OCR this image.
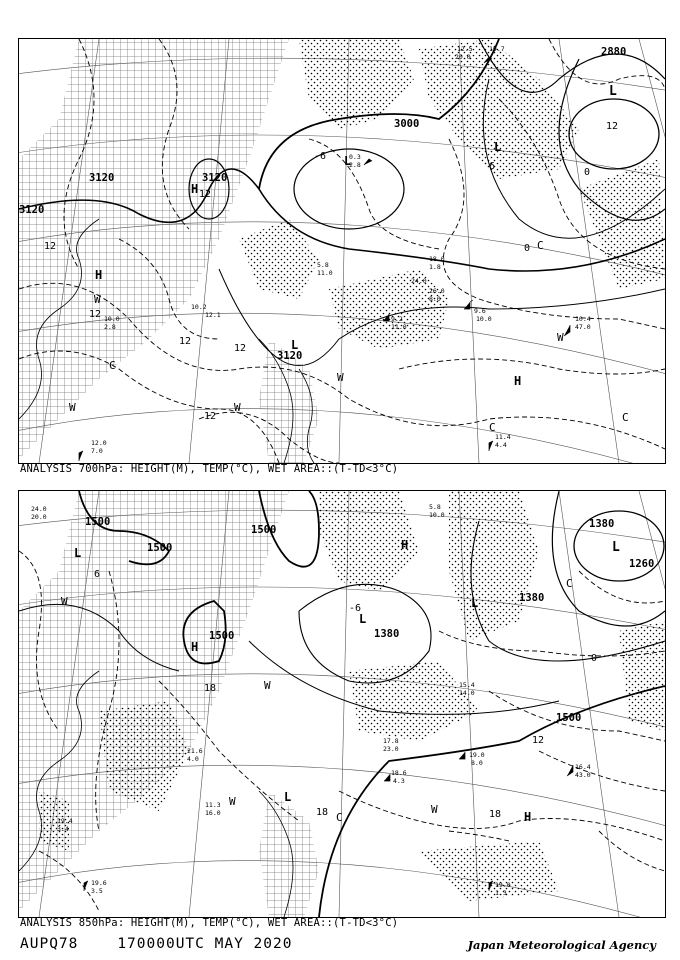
2880
3000
3120
3120
3120
3120
12
12
12
12
12
12
0
-6
6
0
12
L
L
L
L
H
H
H
W
W	W
W
W
C
C
C
C
12.5
20.0
10.7
24.0
0.3
2.8
5.8
11.0
9.2
11.0
9.6
10.0	10.4
47.0
10.0
2.8
10.2
12.1
11.4
4.4
12.0
7.0
18.0
1.8
26.0
8.0
ANALYSIS 700hPa: HEIGHT(M), TEMP(°C), WET AREA::(T-TD<3°C)
1500
1500
1500
1500
1500
1380
1380
1380
1260
18
18	18
12
0
6
-6
H
H
H
L	L
L
L
L
W
W
W
W
C
C
24.0
20.0
19.0
8.0
18.6
4.3
19.0
1.3
16.4
43.0
17.8
23.0
21.6
4.0
19.4
3.4
15.4
14.0
5.8
10.0
11.3
16.0
19.6
3.5
ANALYSIS 850hPa: HEIGHT(M), TEMP(°C), WET AREA::(T-TD<3°C)
AUPQ78	170000UTC MAY 2020	Japan Meteorological Agency
